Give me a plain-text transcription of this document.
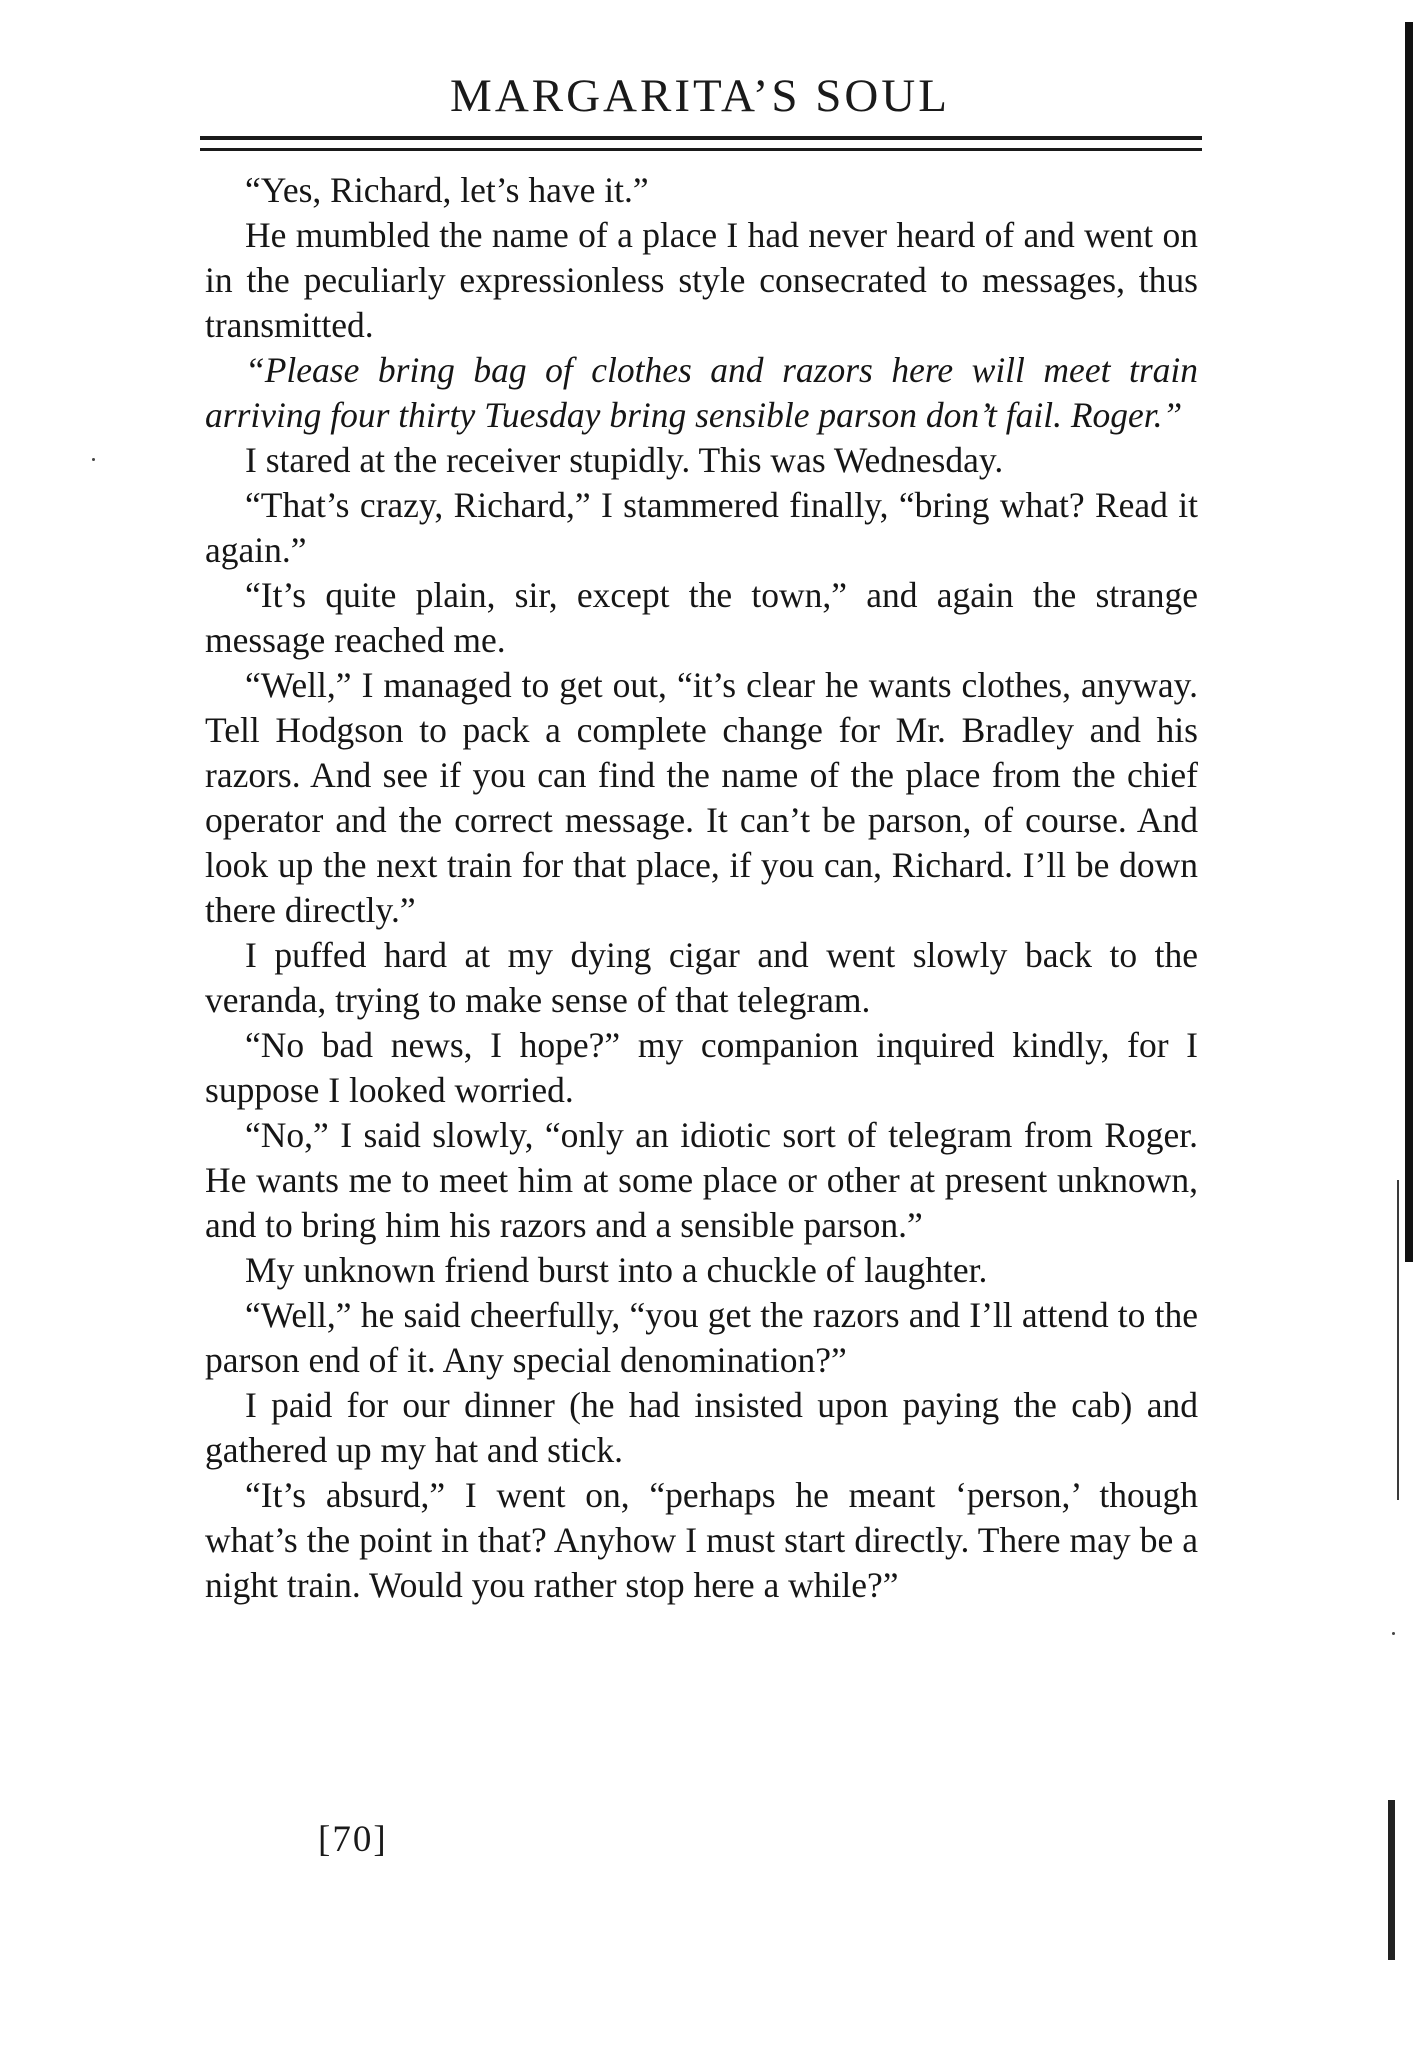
MARGARITA’S SOUL

“Yes, Richard, let’s have it.”

He mumbled the name of a place I had never heard of and went on in the peculiarly expressionless style consecrated to messages, thus transmitted.

“Please bring bag of clothes and razors here will meet train arriving four thirty Tuesday bring sensible parson don’t fail. Roger.”

I stared at the receiver stupidly. This was Wednesday.

“That’s crazy, Richard,” I stammered finally, “bring what? Read it again.”

“It’s quite plain, sir, except the town,” and again the strange message reached me.

“Well,” I managed to get out, “it’s clear he wants clothes, anyway. Tell Hodgson to pack a complete change for Mr. Bradley and his razors. And see if you can find the name of the place from the chief operator and the correct message. It can’t be parson, of course. And look up the next train for that place, if you can, Richard. I’ll be down there directly.”

I puffed hard at my dying cigar and went slowly back to the veranda, trying to make sense of that telegram.

“No bad news, I hope?” my companion inquired kindly, for I suppose I looked worried.

“No,” I said slowly, “only an idiotic sort of telegram from Roger. He wants me to meet him at some place or other at present unknown, and to bring him his razors and a sensible parson.”

My unknown friend burst into a chuckle of laughter.

“Well,” he said cheerfully, “you get the razors and I’ll attend to the parson end of it. Any special denomination?”

I paid for our dinner (he had insisted upon paying the cab) and gathered up my hat and stick.

“It’s absurd,” I went on, “perhaps he meant ‘person,’ though what’s the point in that? Anyhow I must start directly. There may be a night train. Would you rather stop here a while?”

[70]
